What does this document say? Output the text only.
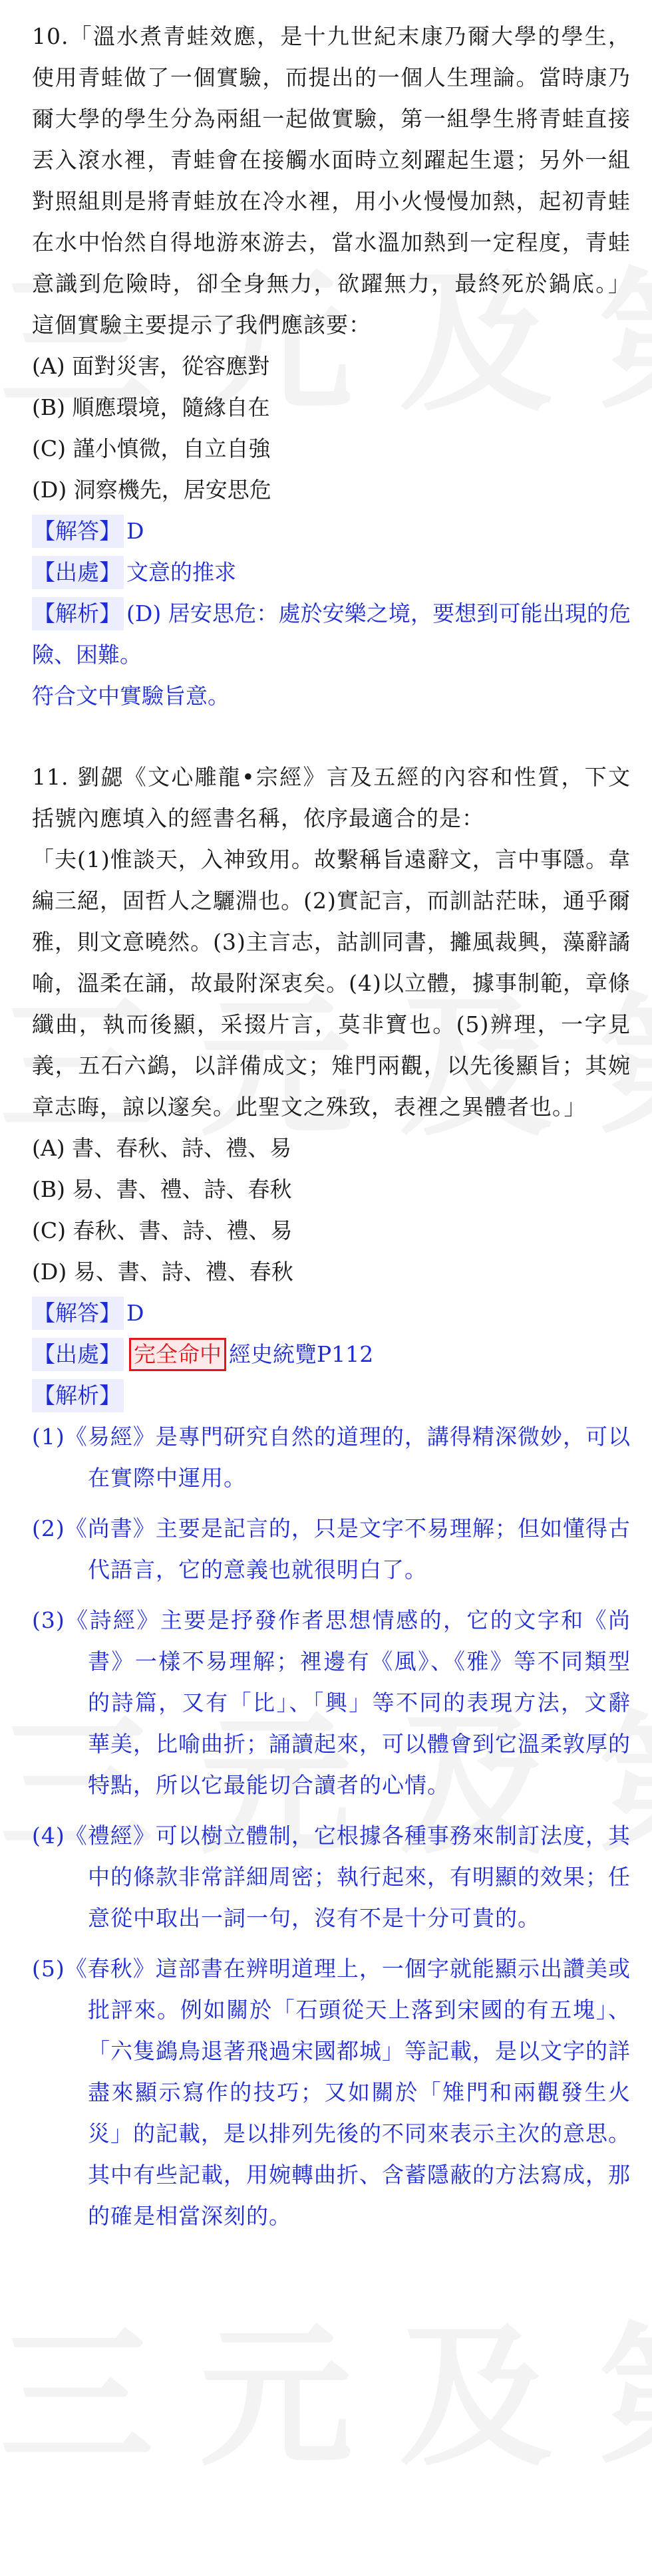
10.「溫水煮青蛙效應，是十九世紀末康乃爾大學的學生，使用青蛙做了一個實驗，而提出的一個人生理論。當時康乃爾大學的學生分為兩組一起做實驗，第一組學生將青蛙直接丟入滾水裡，青蛙會在接觸水面時立刻躍起生還；另外一組對照組則是將青蛙放在冷水裡，用小火慢慢加熱，起初青蛙在水中怡然自得地游來游去，當水溫加熱到一定程度，青蛙意識到危險時，卻全身無力，欲躍無力，最終死於鍋底。」這個實驗主要提示了我們應該要：

(A) 面對災害，從容應對

(B) 順應環境，隨緣自在

(C) 謹小慎微，自立自強

(D) 洞察機先，居安思危

【解答】 D

【出處】 文意的推求

【解析】 (D) 居安思危：處於安樂之境，要想到可能出現的危險、困難。

符合文中實驗旨意。

11. 劉勰《文心雕龍•宗經》言及五經的內容和性質，下文括號內應填入的經書名稱，依序最適合的是：

「夫(1)惟談天，入神致用。故繫稱旨遠辭文，言中事隱。韋編三絕，固哲人之驪淵也。(2)實記言，而訓詁茫昧，通乎爾雅，則文意曉然。(3)主言志，詁訓同書，攡風裁興，藻辭譎喻，溫柔在誦，故最附深衷矣。(4)以立體，據事制範，章條纖曲，執而後顯，采掇片言，莫非寶也。(5)辨理，一字見義，五石六鷁，以詳備成文；雉門兩觀，以先後顯旨；其婉章志晦，諒以邃矣。此聖文之殊致，表裡之異體者也。」

(A) 書、春秋、詩、禮、易

(B) 易、書、禮、詩、春秋

(C) 春秋、書、詩、禮、易

(D) 易、書、詩、禮、春秋

【解答】 D

【出處】 完全命中 經史統覽P112

【解析】

(1)《易經》是專門研究自然的道理的，講得精深微妙，可以在實際中運用。

(2)《尚書》主要是記言的，只是文字不易理解；但如懂得古代語言，它的意義也就很明白了。

(3)《詩經》主要是抒發作者思想情感的，它的文字和《尚書》一樣不易理解；裡邊有《風》、《雅》等不同類型的詩篇，又有「比」、「興」等不同的表現方法，文辭華美，比喻曲折；誦讀起來，可以體會到它溫柔敦厚的特點，所以它最能切合讀者的心情。

(4)《禮經》可以樹立體制，它根據各種事務來制訂法度，其中的條款非常詳細周密；執行起來，有明顯的效果；任意從中取出一詞一句，沒有不是十分可貴的。

(5)《春秋》這部書在辨明道理上，一個字就能顯示出讚美或批評來。例如關於「石頭從天上落到宋國的有五塊」、「六隻鷁鳥退著飛過宋國都城」等記載，是以文字的詳盡來顯示寫作的技巧；又如關於「雉門和兩觀發生火災」的記載，是以排列先後的不同來表示主次的意思。其中有些記載，用婉轉曲折、含蓄隱蔽的方法寫成，那的確是相當深刻的。
